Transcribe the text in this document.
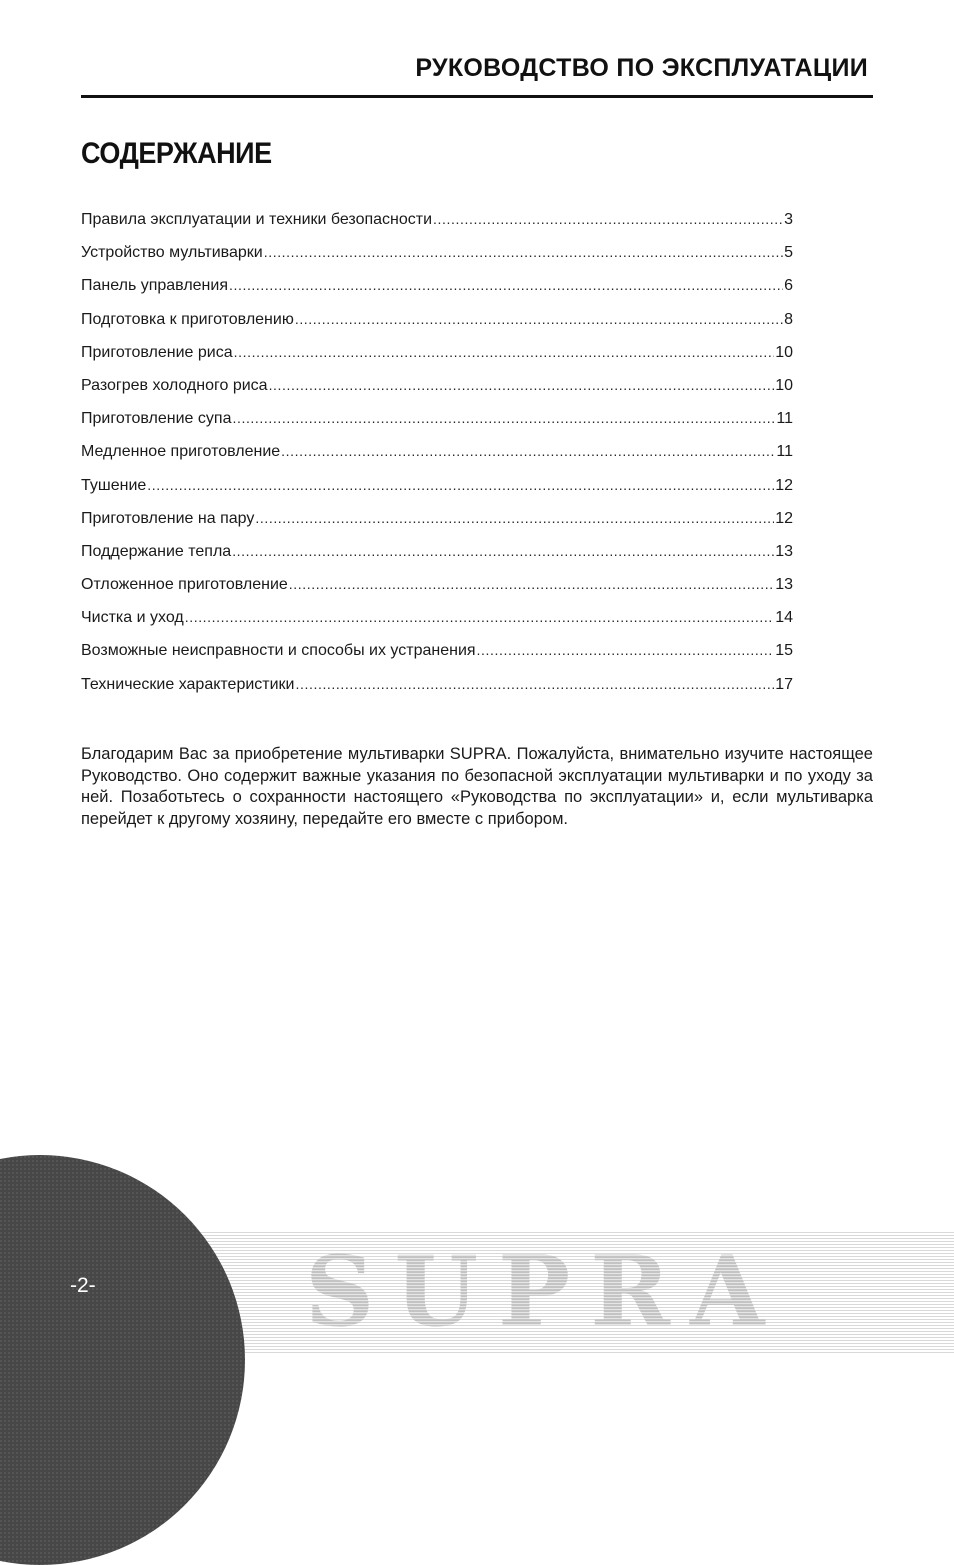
РУКОВОДСТВО ПО ЭКСПЛУАТАЦИИ
СОДЕРЖАНИЕ
Правила эксплуатации и техники безопасности .....	3
Устройство мультиварки .....	5
Панель управления .....	6
Подготовка к приготовлению .....	8
Приготовление риса .....	10
Разогрев холодного риса .....	10
Приготовление супа .....	11
Медленное приготовление .....	11
Тушение .....	12
Приготовление на пару .....	12
Поддержание тепла .....	13
Отложенное приготовление .....	13
Чистка и уход .....	14
Возможные неисправности и способы их устранения .....	15
Технические характеристики .....	17

Благодарим Вас за приобретение мультиварки SUPRA. Пожалуйста, внимательно изучите настоящее Руководство. Оно содержит важные указания по безопасной эксплуатации мультиварки и по уходу за ней. Позаботьтесь о сохранности настоящего «Руководства по эксплуатации» и, если мультиварка перейдет к другому хозяину, передайте его вместе с прибором.

SUPRA
-2-
